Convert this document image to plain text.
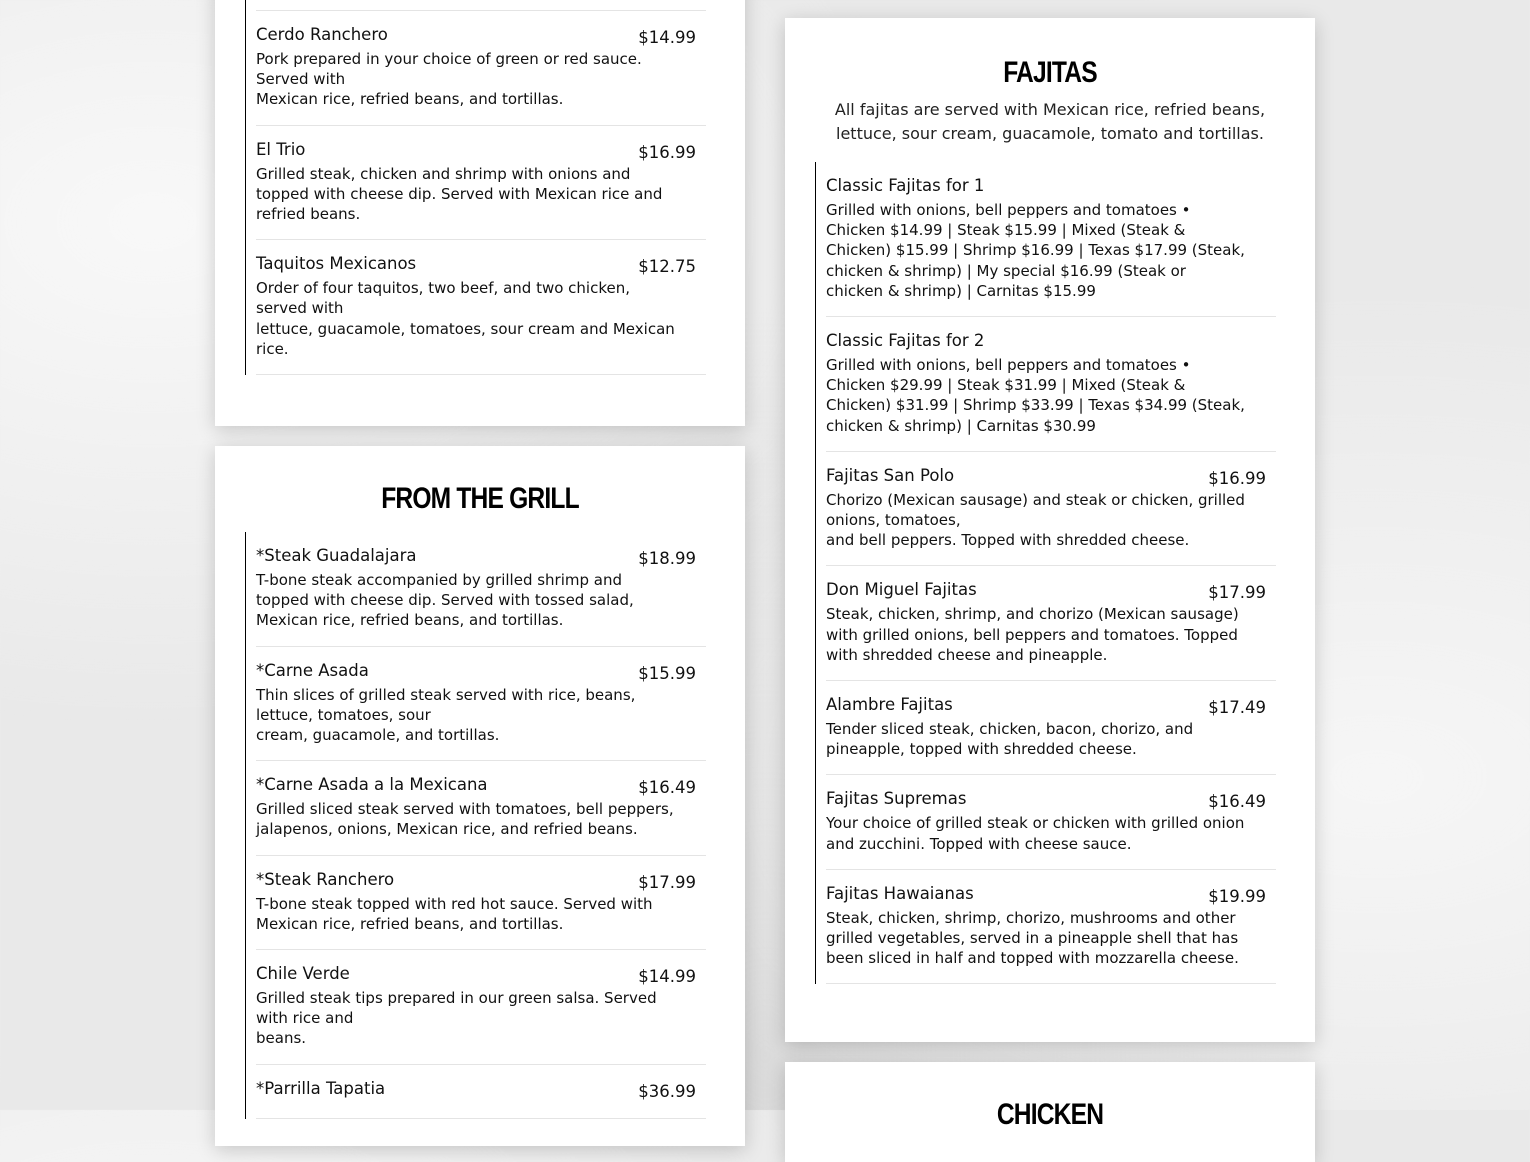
Cerdo Ranchero	$14.99
Pork prepared in your choice of green or red sauce. Served with
Mexican rice, refried beans, and tortillas.
El Trio	$16.99
Grilled steak, chicken and shrimp with onions and topped with cheese dip. Served with Mexican rice and refried beans.
Taquitos Mexicanos	$12.75
Order of four taquitos, two beef, and two chicken, served with
lettuce, guacamole, tomatoes, sour cream and Mexican rice.
FROM THE GRILL
*Steak Guadalajara	$18.99
T-bone steak accompanied by grilled shrimp and topped with cheese dip. Served with tossed salad, Mexican rice, refried beans, and tortillas.
*Carne Asada	$15.99
Thin slices of grilled steak served with rice, beans, lettuce, tomatoes, sour
cream, guacamole, and tortillas.
*Carne Asada a la Mexicana	$16.49
Grilled sliced steak served with tomatoes, bell peppers, jalapenos, onions, Mexican rice, and refried beans.
*Steak Ranchero	$17.99
T-bone steak topped with red hot sauce. Served with Mexican rice, refried beans, and tortillas.
Chile Verde	$14.99
Grilled steak tips prepared in our green salsa. Served with rice and
beans.
*Parrilla Tapatia	$36.99
FAJITAS

All fajitas are served with Mexican rice, refried beans, lettuce, sour cream, guacamole, tomato and tortillas.

Classic Fajitas for 1
Grilled with onions, bell peppers and tomatoes • Chicken $14.99 | Steak $15.99 | Mixed (Steak & Chicken) $15.99 | Shrimp $16.99 | Texas $17.99 (Steak, chicken & shrimp) | My special $16.99 (Steak or chicken & shrimp) | Carnitas $15.99
Classic Fajitas for 2
Grilled with onions, bell peppers and tomatoes • Chicken $29.99 | Steak $31.99 | Mixed (Steak & Chicken) $31.99 | Shrimp $33.99 | Texas $34.99 (Steak, chicken & shrimp) | Carnitas $30.99
Fajitas San Polo	$16.99
Chorizo (Mexican sausage) and steak or chicken, grilled onions, tomatoes,
and bell peppers. Topped with shredded cheese.
Don Miguel Fajitas	$17.99
Steak, chicken, shrimp, and chorizo (Mexican sausage) with grilled onions, bell peppers and tomatoes. Topped with shredded cheese and pineapple.
Alambre Fajitas	$17.49
Tender sliced steak, chicken, bacon, chorizo, and pineapple, topped with shredded cheese.
Fajitas Supremas	$16.49
Your choice of grilled steak or chicken with grilled onion and zucchini. Topped with cheese sauce.
Fajitas Hawaianas	$19.99
Steak, chicken, shrimp, chorizo, mushrooms and other grilled vegetables, served in a pineapple shell that has been sliced in half and topped with mozzarella cheese.
CHICKEN
